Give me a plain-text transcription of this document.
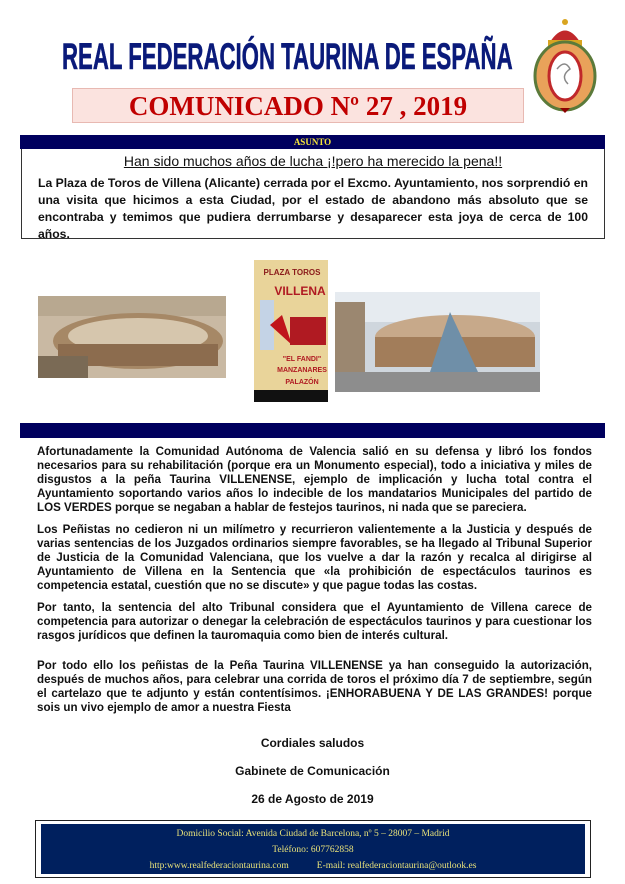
REAL FEDERACIÓN TAURINA DE ESPAÑA
COMUNICADO Nº 27 , 2019
ASUNTO
Han sido muchos años de lucha ¡!pero ha merecido la pena!!
La Plaza de Toros de Villena (Alicante) cerrada por el Excmo. Ayuntamiento, nos sorprendió en una visita que hicimos a esta Ciudad, por el estado de abandono más absoluto que se encontraba y temimos que pudiera derrumbarse y desaparecer esta joya de cerca de 100 años.
PLAZA TOROS
VILLENA
"EL FANDI"
MANZANARES
PALAZÓN
Afortunadamente la Comunidad Autónoma de Valencia salió en su defensa y libró los fondos necesarios para su rehabilitación (porque era un Monumento especial), todo a iniciativa y miles de disgustos a la peña Taurina VILLENENSE, ejemplo de implicación y lucha total contra el Ayuntamiento soportando varios años lo indecible de los mandatarios Municipales del partido de LOS VERDES porque se negaban a hablar de festejos taurinos, ni nada que se pareciera.
Los Peñistas no cedieron ni un milímetro y recurrieron valientemente a la Justicia y después de varias sentencias de los Juzgados ordinarios siempre favorables, se ha llegado al Tribunal Superior de Justicia de la Comunidad Valenciana, que los vuelve a dar la razón y recalca al dirigirse al Ayuntamiento de Villena en la Sentencia que «la prohibición de espectáculos taurinos es competencia estatal, cuestión que no se discute» y que pague todas las costas.
Por tanto, la sentencia del alto Tribunal considera que el Ayuntamiento de Villena carece de competencia para autorizar o denegar la celebración de espectáculos taurinos y para cuestionar los rasgos jurídicos que definen la tauromaquia como bien de interés cultural.
Por todo ello los peñistas de la Peña Taurina VILLENENSE ya han conseguido la autorización, después de muchos años, para celebrar una corrida de toros el próximo día 7 de septiembre, según el cartelazo que te adjunto y están contentísimos. ¡ENHORABUENA Y DE LAS GRANDES! porque sois un vivo ejemplo de amor a nuestra Fiesta
Cordiales saludos
Gabinete de Comunicación
26 de Agosto de 2019
Domicilio Social: Avenida Ciudad de Barcelona, nº 5 – 28007 – Madrid
Teléfono: 607762858
http:www.realfederaciontaurina.com	E-mail: realfederaciontaurina@outlook.es
